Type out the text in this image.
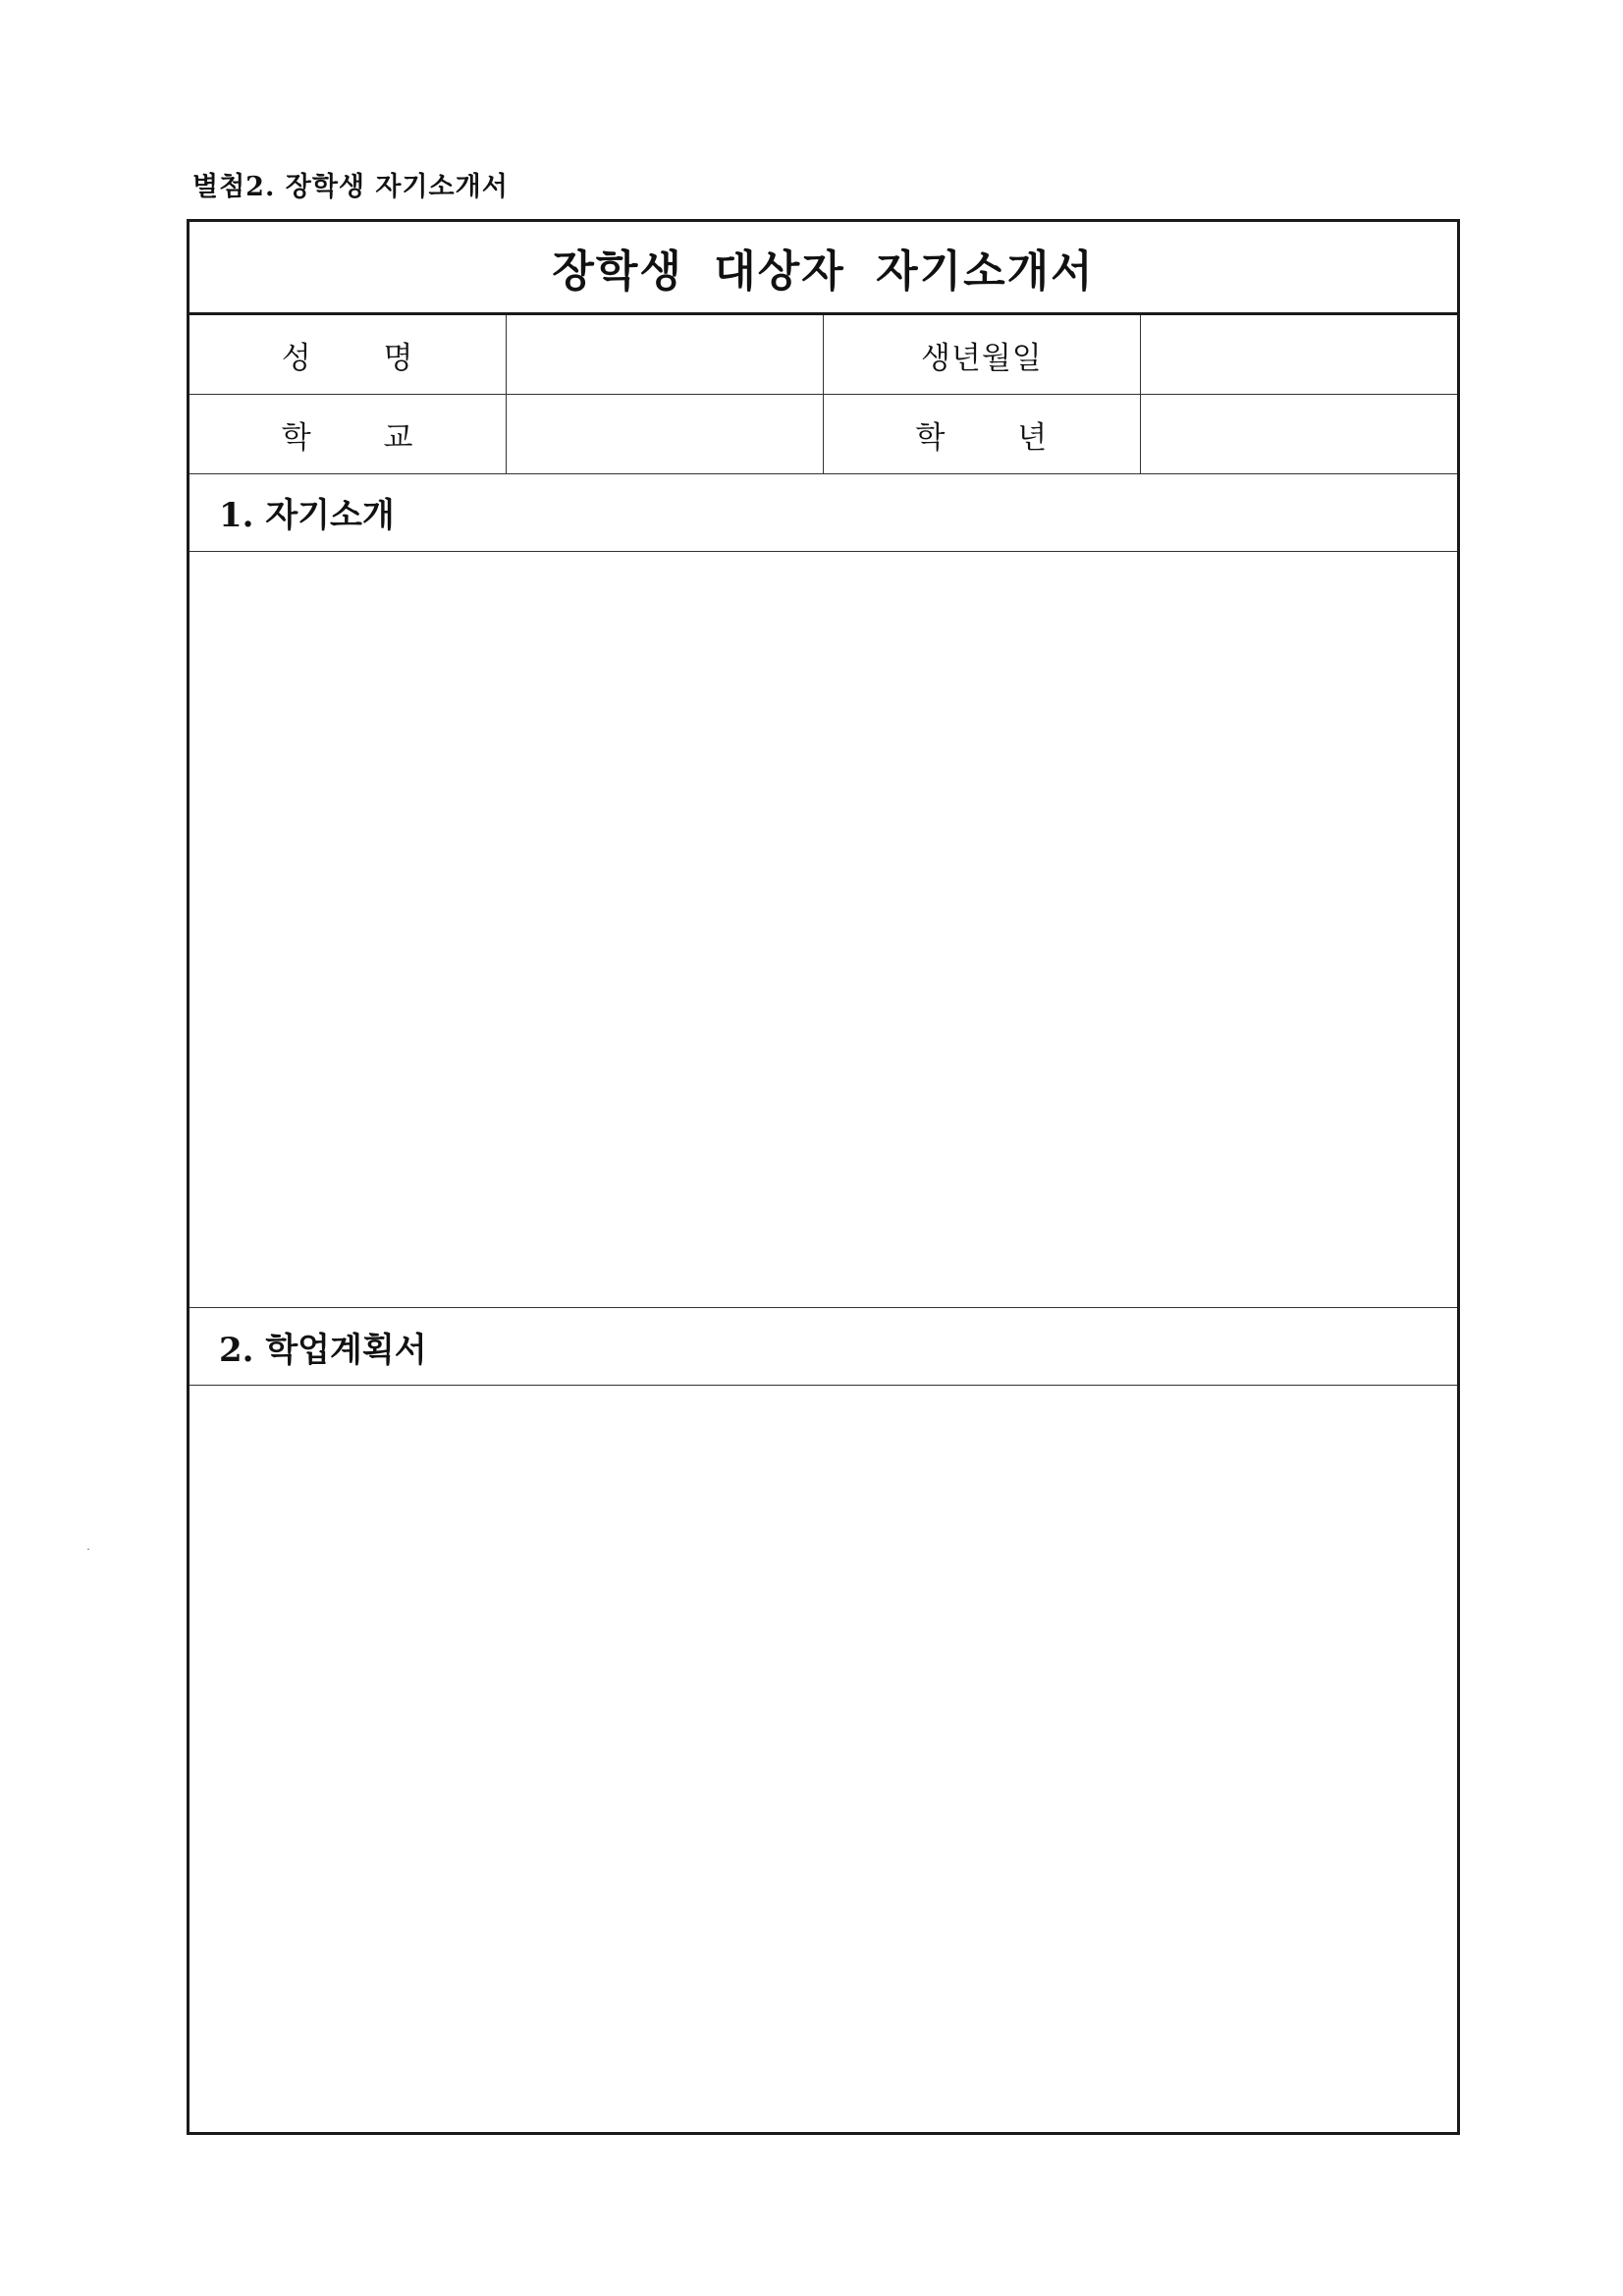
별첨2. 장학생 자기소개서
장학생 대상자 자기소개서
성 명		생년월일	
학 교		학 년	
1. 자기소개
2. 학업계획서
